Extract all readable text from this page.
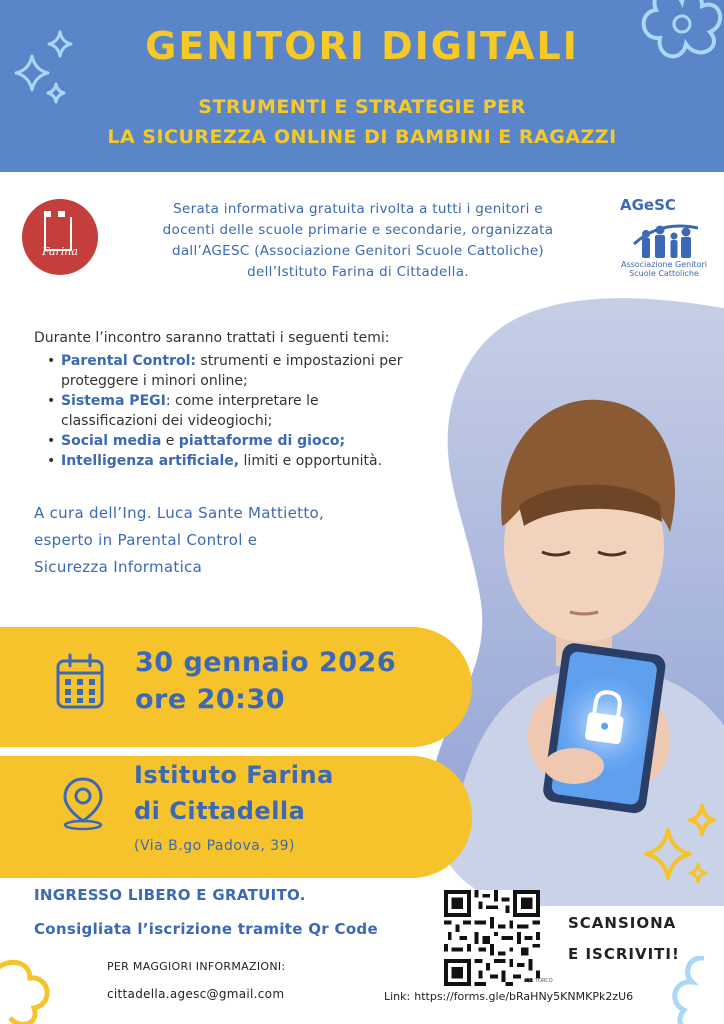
GENITORI DIGITALI
STRUMENTI E STRATEGIE PER
LA SICUREZZA ONLINE DI BAMBINI E RAGAZZI
Farina
AGeSC
Associazione Genitori
Scuole Cattoliche
Serata informativa gratuita rivolta a tutti i genitori e
docenti delle scuole primarie e secondarie, organizzata
dall’AGESC (Associazione Genitori Scuole Cattoliche)
dell’Istituto Farina di Cittadella.
Durante l’incontro saranno trattati i seguenti temi:
• Parental Control: strumenti e impostazioni per
proteggere i minori online;
• Sistema PEGI: come interpretare le
classificazioni dei videogiochi;
• Social media e piattaforme di gioco;
• Intelligenza artificiale, limiti e opportunità.
A cura dell’Ing. Luca Sante Mattietto,
esperto in Parental Control e
Sicurezza Informatica
30 gennaio 2026
ore 20:30
Istituto Farina
di Cittadella
(Via B.go Padova, 39)
INGRESSO LIBERO E GRATUITO.
Consigliata l’iscrizione tramite Qr Code
PER MAGGIORI INFORMAZIONI:
cittadella.agesc@gmail.com
QR TORCO
SCANSIONA
E ISCRIVITI!
Link: https://forms.gle/bRaHNy5KNMKPk2zU6
